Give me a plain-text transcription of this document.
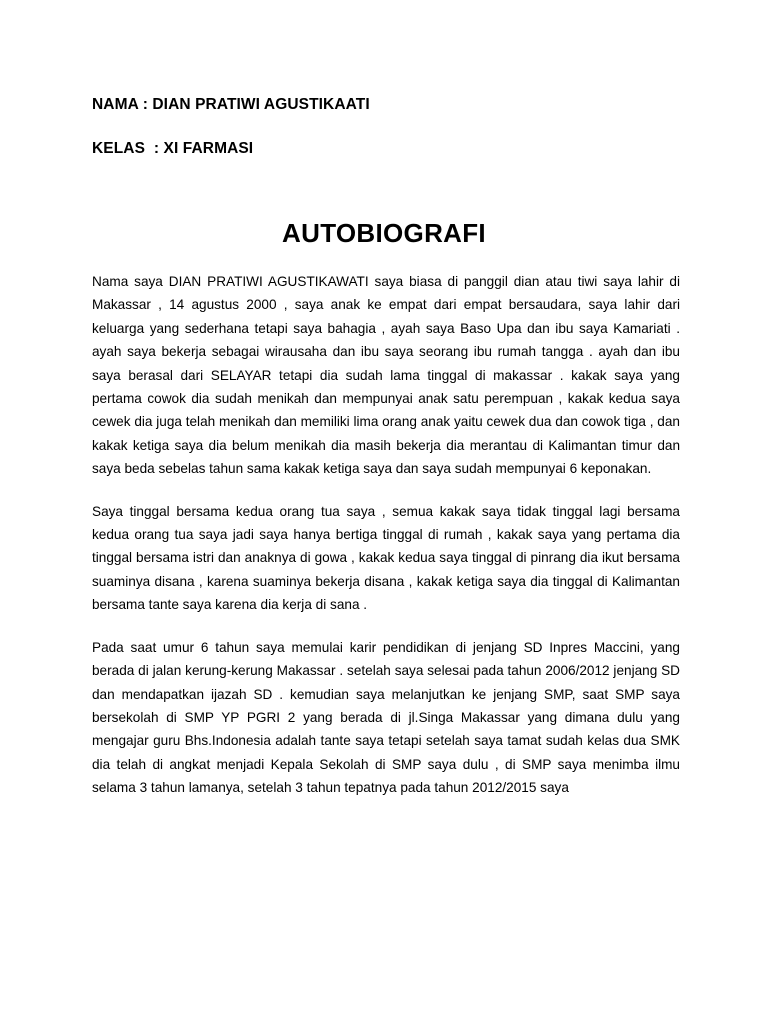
NAMA : DIAN PRATIWI AGUSTIKAATI
KELAS  : XI FARMASI
AUTOBIOGRAFI

Nama saya DIAN PRATIWI AGUSTIKAWATI saya biasa di panggil dian atau tiwi saya lahir di Makassar , 14 agustus 2000 , saya anak ke empat dari empat bersaudara, saya lahir dari keluarga yang sederhana tetapi saya bahagia , ayah saya Baso Upa dan ibu saya Kamariati . ayah saya bekerja sebagai wirausaha dan ibu saya seorang ibu rumah tangga . ayah dan ibu saya berasal dari SELAYAR tetapi dia sudah lama tinggal di makassar . kakak saya yang pertama cowok dia sudah menikah dan mempunyai anak satu perempuan , kakak kedua saya cewek dia juga telah menikah dan memiliki lima orang anak yaitu cewek dua dan cowok tiga , dan kakak ketiga saya dia belum menikah dia masih bekerja dia merantau di Kalimantan timur dan saya beda sebelas tahun sama kakak ketiga saya dan saya sudah mempunyai 6 keponakan.

Saya tinggal bersama kedua orang tua saya , semua kakak saya tidak tinggal lagi bersama kedua orang tua saya jadi saya hanya bertiga tinggal di rumah , kakak saya yang pertama dia tinggal bersama istri dan anaknya di gowa , kakak kedua saya tinggal di pinrang dia ikut bersama suaminya disana , karena suaminya bekerja disana , kakak ketiga saya dia tinggal di Kalimantan bersama tante saya karena dia kerja di sana .

Pada saat umur 6 tahun saya memulai karir pendidikan di jenjang SD Inpres Maccini, yang berada di jalan kerung-kerung Makassar . setelah saya selesai pada tahun 2006/2012 jenjang SD dan mendapatkan ijazah SD . kemudian saya melanjutkan ke jenjang SMP, saat SMP saya bersekolah di SMP YP PGRI 2 yang berada di jl.Singa Makassar yang dimana dulu yang mengajar guru Bhs.Indonesia adalah tante saya tetapi setelah saya tamat sudah kelas dua SMK dia telah di angkat menjadi Kepala Sekolah di SMP saya dulu , di SMP saya menimba ilmu selama 3 tahun lamanya, setelah 3 tahun tepatnya pada tahun 2012/2015 saya
